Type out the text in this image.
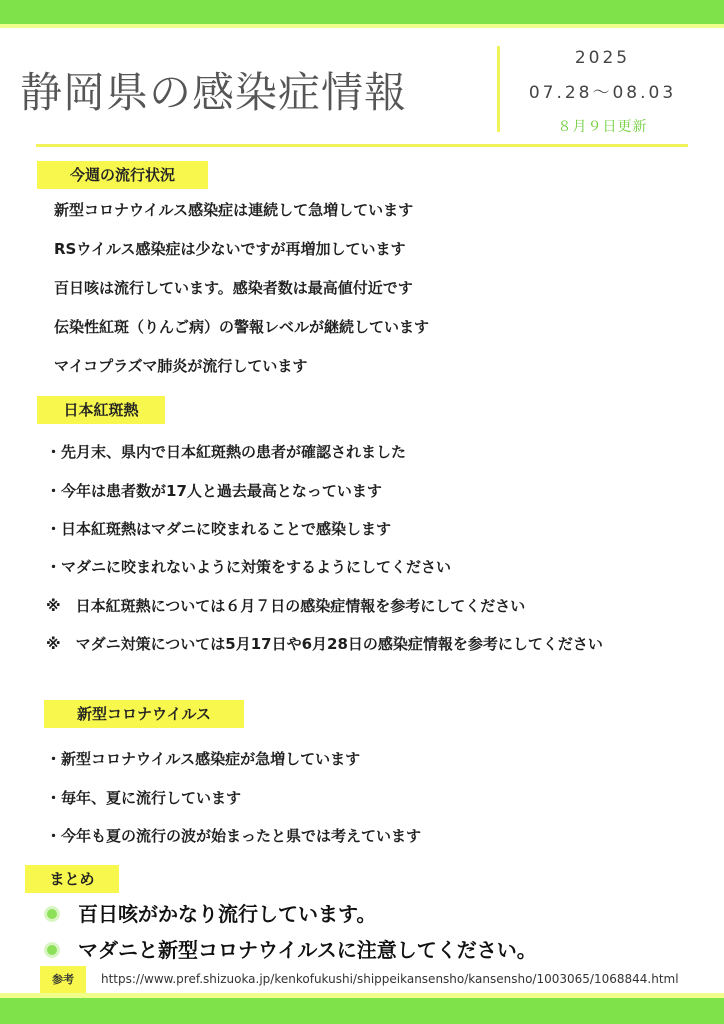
静岡県の感染症情報
2025
07.28～08.03
８月９日更新
今週の流行状況
新型コロナウイルス感染症は連続して急増しています
RSウイルス感染症は少ないですが再増加しています
百日咳は流行しています。感染者数は最高値付近です
伝染性紅斑（りんご病）の警報レベルが継続しています
マイコプラズマ肺炎が流行しています
日本紅斑熱
・先月末、県内で日本紅斑熱の患者が確認されました
・今年は患者数が17人と過去最高となっています
・日本紅斑熱はマダニに咬まれることで感染します
・マダニに咬まれないように対策をするようにしてください
※　日本紅斑熱については６月７日の感染症情報を参考にしてください
※　マダニ対策については5月17日や6月28日の感染症情報を参考にしてください
新型コロナウイルス
・新型コロナウイルス感染症が急増しています
・毎年、夏に流行しています
・今年も夏の流行の波が始まったと県では考えています
まとめ
百日咳がかなり流行しています。
マダニと新型コロナウイルスに注意してください。
参考	https://www.pref.shizuoka.jp/kenkofukushi/shippeikansensho/kansensho/1003065/1068844.html
